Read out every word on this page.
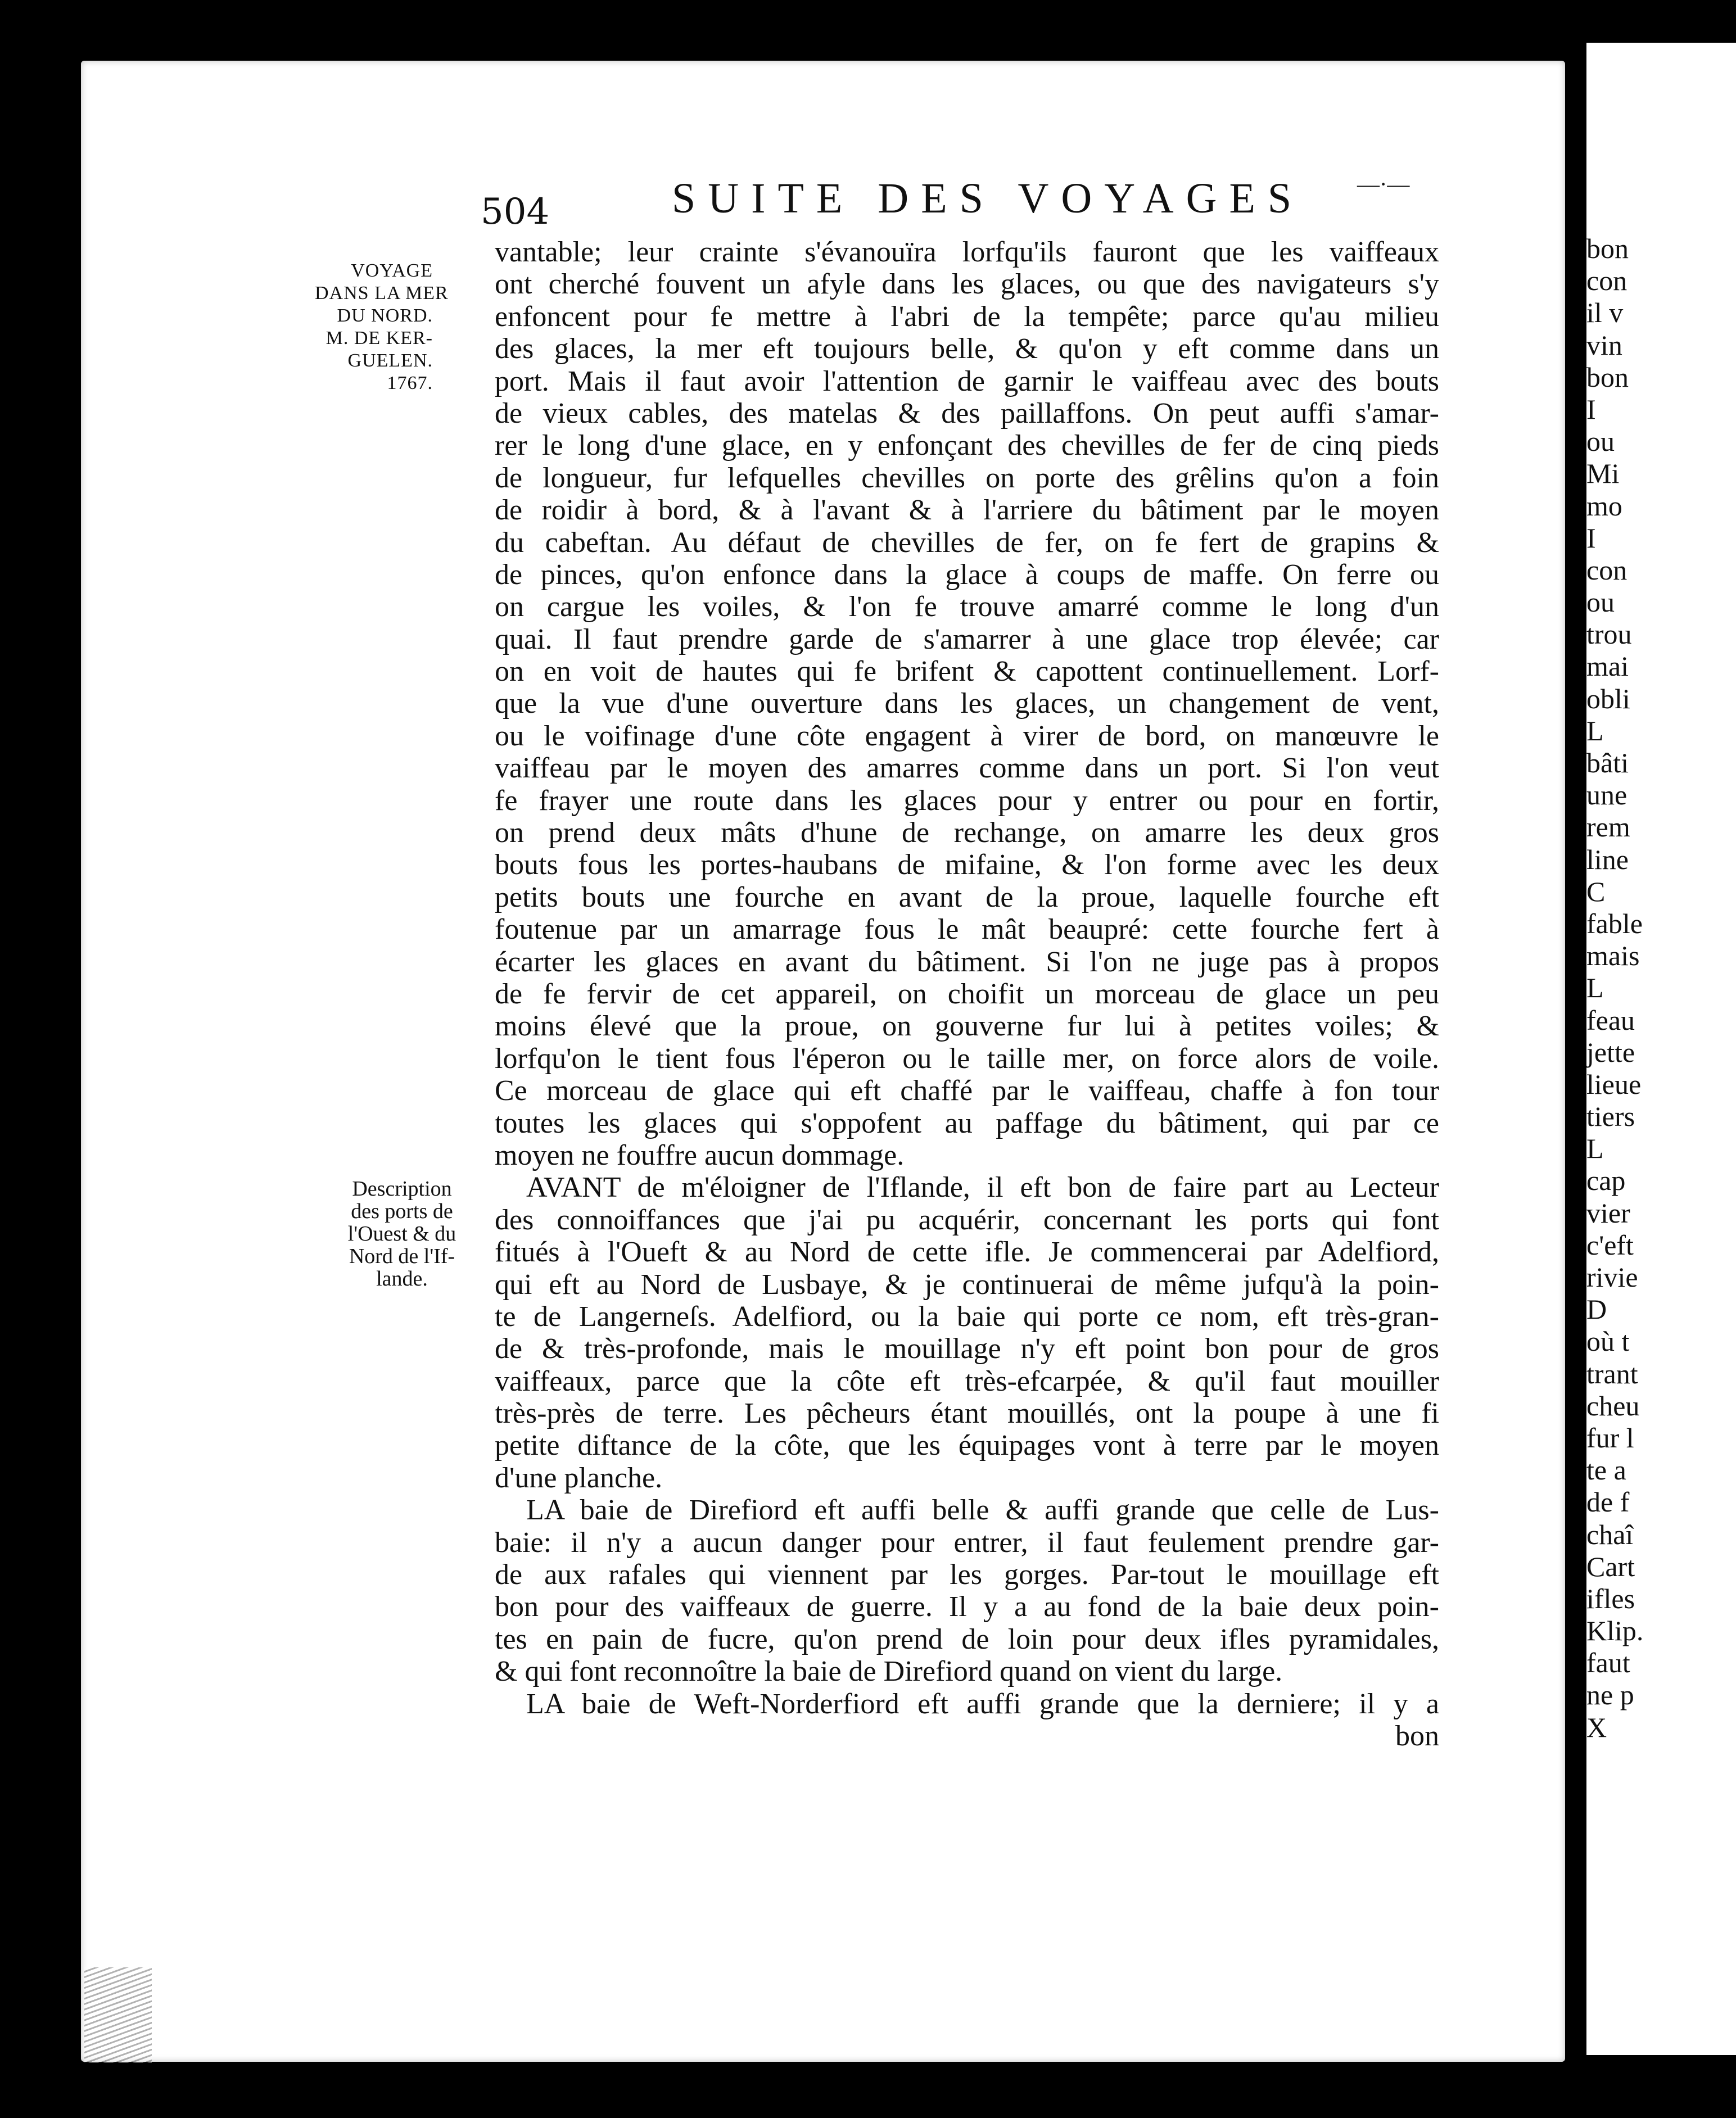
504	SUITE DES VOYAGES —·—
VOYAGE
DANS LA MER
DU NORD.
M. DE KER-
GUELEN.
1767.
Description
des ports de
l'Ouest & du
Nord de l'If-
lande.
vantable; leur crainte s'évanouïra lorfqu'ils fauront que les vaiffeaux
ont cherché fouvent un afyle dans les glaces, ou que des navigateurs s'y
enfoncent pour fe mettre à l'abri de la tempête; parce qu'au milieu
des glaces, la mer eft toujours belle, & qu'on y eft comme dans un
port. Mais il faut avoir l'attention de garnir le vaiffeau avec des bouts
de vieux cables, des matelas & des paillaffons. On peut auffi s'amar-
rer le long d'une glace, en y enfonçant des chevilles de fer de cinq pieds
de longueur, fur lefquelles chevilles on porte des grêlins qu'on a foin
de roidir à bord, & à l'avant & à l'arriere du bâtiment par le moyen
du cabeftan. Au défaut de chevilles de fer, on fe fert de grapins &
de pinces, qu'on enfonce dans la glace à coups de maffe. On ferre ou
on cargue les voiles, & l'on fe trouve amarré comme le long d'un
quai. Il faut prendre garde de s'amarrer à une glace trop élevée; car
on en voit de hautes qui fe brifent & capottent continuellement. Lorf-
que la vue d'une ouverture dans les glaces, un changement de vent,
ou le voifinage d'une côte engagent à virer de bord, on manœuvre le
vaiffeau par le moyen des amarres comme dans un port. Si l'on veut
fe frayer une route dans les glaces pour y entrer ou pour en fortir,
on prend deux mâts d'hune de rechange, on amarre les deux gros
bouts fous les portes-haubans de mifaine, & l'on forme avec les deux
petits bouts une fourche en avant de la proue, laquelle fourche eft
foutenue par un amarrage fous le mât beaupré: cette fourche fert à
écarter les glaces en avant du bâtiment. Si l'on ne juge pas à propos
de fe fervir de cet appareil, on choifit un morceau de glace un peu
moins élevé que la proue, on gouverne fur lui à petites voiles; &
lorfqu'on le tient fous l'éperon ou le taille mer, on force alors de voile.
Ce morceau de glace qui eft chaffé par le vaiffeau, chaffe à fon tour
toutes les glaces qui s'oppofent au paffage du bâtiment, qui par ce
moyen ne fouffre aucun dommage.
AVANT de m'éloigner de l'Iflande, il eft bon de faire part au Lecteur
des connoiffances que j'ai pu acquérir, concernant les ports qui font
fitués à l'Oueft & au Nord de cette ifle. Je commencerai par Adelfiord,
qui eft au Nord de Lusbaye, & je continuerai de même jufqu'à la poin-
te de Langerneſs. Adelfiord, ou la baie qui porte ce nom, eft très-gran-
de & très-profonde, mais le mouillage n'y eft point bon pour de gros
vaiffeaux, parce que la côte eft très-efcarpée, & qu'il faut mouiller
très-près de terre. Les pêcheurs étant mouillés, ont la poupe à une fi
petite diftance de la côte, que les équipages vont à terre par le moyen
d'une planche.
LA baie de Direfiord eft auffi belle & auffi grande que celle de Lus-
baie: il n'y a aucun danger pour entrer, il faut feulement prendre gar-
de aux rafales qui viennent par les gorges. Par-tout le mouillage eft
bon pour des vaiffeaux de guerre. Il y a au fond de la baie deux poin-
tes en pain de fucre, qu'on prend de loin pour deux ifles pyramidales,
& qui font reconnoître la baie de Direfiord quand on vient du large.
LA baie de Weft-Norderfiord eft auffi grande que la derniere; il y a
bon
bon
con
il v
vin
bon
I
ou
Mi
mo
I
con
ou
trou
mai
obli
L
bâti
une
rem
line
C
fable
mais
L
feau
jette
lieue
tiers
L
cap
vier
c'eft
rivie
D
où t
trant
cheu
fur l
te a
de f
chaî
Cart
ifles
Klip.
faut
ne p
X
